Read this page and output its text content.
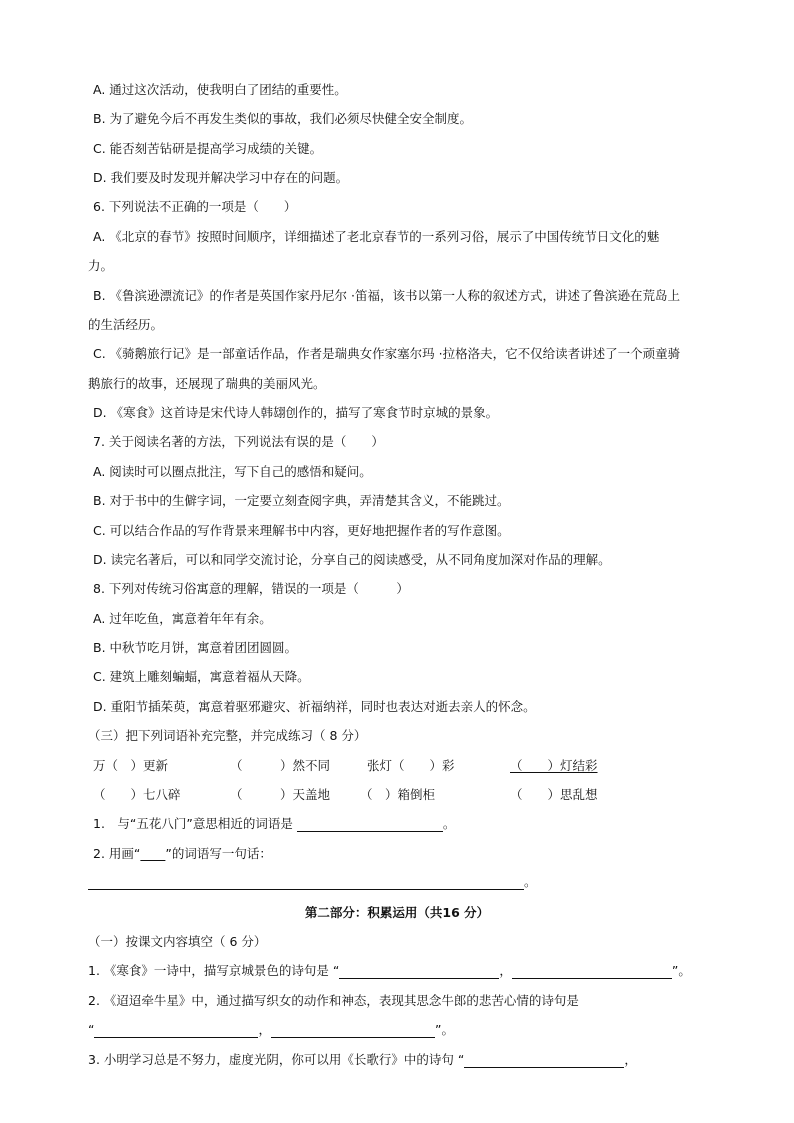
A. 通过这次活动，使我明白了团结的重要性。
B. 为了避免今后不再发生类似的事故，我们必须尽快健全安全制度。
C. 能否刻苦钻研是提高学习成绩的关键。
D. 我们要及时发现并解决学习中存在的问题。
6. 下列说法不正确的一项是（　　）
A. 《北京的春节》按照时间顺序，详细描述了老北京春节的一系列习俗，展示了中国传统节日文化的魅
力。
B. 《鲁滨逊漂流记》的作者是英国作家丹尼尔 ·笛福，该书以第一人称的叙述方式，讲述了鲁滨逊在荒岛上
的生活经历。
C. 《骑鹅旅行记》是一部童话作品，作者是瑞典女作家塞尔玛 ·拉格洛夫，它不仅给读者讲述了一个顽童骑
鹅旅行的故事，还展现了瑞典的美丽风光。
D. 《寒食》这首诗是宋代诗人韩翃创作的，描写了寒食节时京城的景象。
7. 关于阅读名著的方法，下列说法有误的是（　　）
A. 阅读时可以圈点批注，写下自己的感悟和疑问。
B. 对于书中的生僻字词，一定要立刻查阅字典，弄清楚其含义，不能跳过。
C. 可以结合作品的写作背景来理解书中内容，更好地把握作者的写作意图。
D. 读完名著后，可以和同学交流讨论，分享自己的阅读感受，从不同角度加深对作品的理解。
8. 下列对传统习俗寓意的理解，错误的一项是（　　　）
A. 过年吃鱼，寓意着年年有余。
B. 中秋节吃月饼，寓意着团团圆圆。
C. 建筑上雕刻蝙蝠，寓意着福从天降。
D. 重阳节插茱萸，寓意着驱邪避灾、祈福纳祥，同时也表达对逝去亲人的怀念。
（三）把下列词语补充完整，并完成练习（ 8 分）
万（　）更新	（　　　）然不同	张灯（　　）彩	（　　）灯结彩
（　　）七八碎	（　　　）天盖地 （　）箱倒柜	（　　）思乱想
1.　与“五花八门”意思相近的词语是	。
2. 用画“　　 ”的词语写一句话：
。
第二部分：积累运用（共16 分）
（一）按课文内容填空（ 6 分）
1. 《寒食》一诗中，描写京城景色的诗句是 “	，	”。
2. 《迢迢牵牛星》中，通过描写织女的动作和神态，表现其思念牛郎的悲苦心情的诗句是
“	，	”。
3. 小明学习总是不努力，虚度光阴，你可以用《长歌行》中的诗句 “	，
